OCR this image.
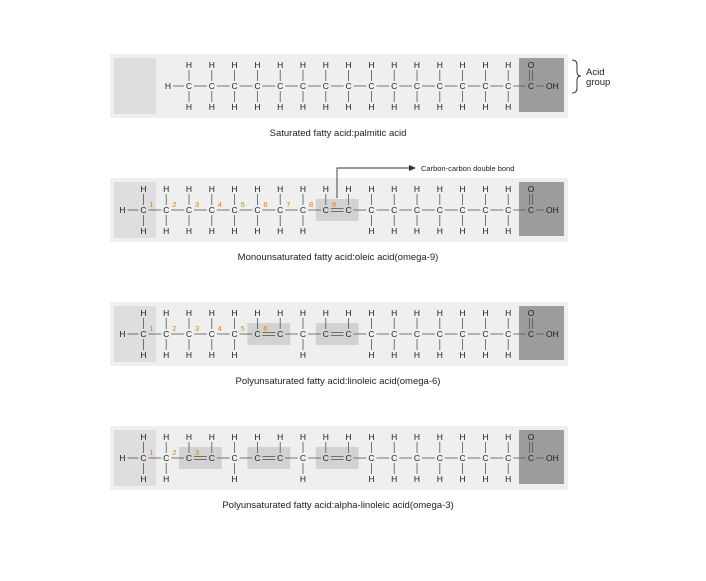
H C
H
H
C
H
H
C
H
H
C
H
H
C
H
H
C
H
H
C
H
H
C
H
H
C
H
H
C
H
H
C
H
H
C
H
H
C
H
H
C
H
H
C
H
H
C
O
OH
Saturated fatty acid:palmitic acid
H C
H
H
C
H
H
C
H
H
C
H
H
C
H
H
C
H
H
C
H
H
C
H
H
C
H
C
H
C
H
H
C
H
H
C
H
H
C
H
H
C
H
H
C
H
H
C
H
H
C
O
OH
1 2 3 4 5 6 7 8 9
Monounsaturated fatty acid:oleic acid(omega-9)
H C
H
H
C
H
H
C
H
H
C
H
H
C
H
H
C
H
C
H
C
H
H
C
H
C
H
C
H
H
C
H
H
C
H
H
C
H
H
C
H
H
C
H
H
C
H
H
C
O
OH
1 2 3 4 5 6
Polyunsaturated fatty acid:linoleic acid(omega-6)
H C
H
H
C
H
H
C
H
C
H
C
H
H
C
H
C
H
C
H
H
C
H
C
H
C
H
H
C
H
H
C
H
H
C
H
H
C
H
H
C
H
H
C
H
H
C
O
OH
1 2 3
Polyunsaturated fatty acid:alpha-linoleic acid(omega-3)
Acid group
Carbon-carbon double bond
